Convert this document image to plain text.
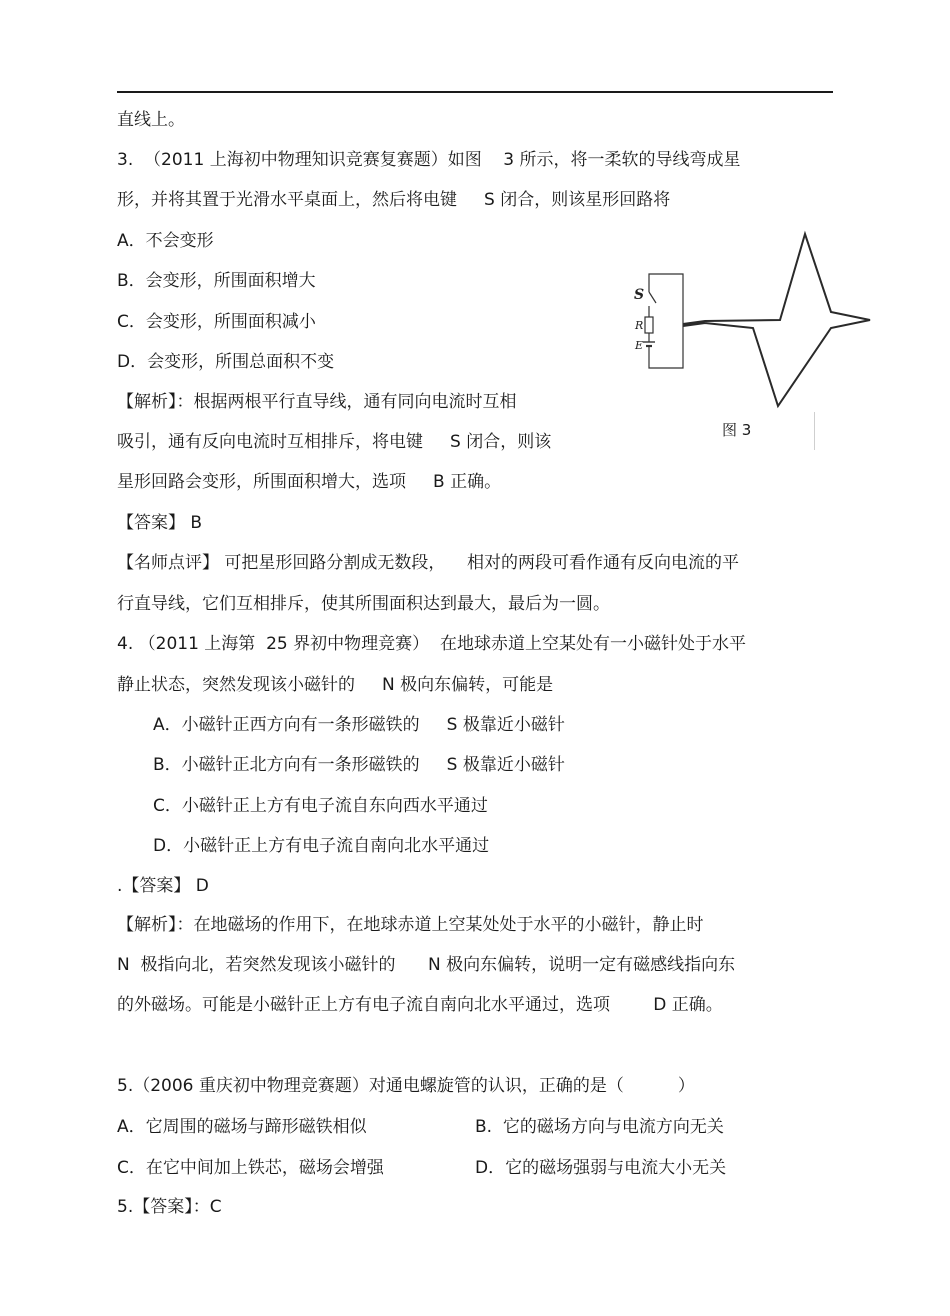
直线上。

3.  （2011 上海初中物理知识竞赛复赛题）如图    3 所示，将一柔软的导线弯成星

形，并将其置于光滑水平桌面上，然后将电键     S 闭合，则该星形回路将

A．不会变形

B．会变形，所围面积增大

C．会变形，所围面积减小

D．会变形，所围总面积不变

【解析】：根据两根平行直导线，通有同向电流时互相

吸引，通有反向电流时互相排斥，将电键     S 闭合，则该

星形回路会变形，所围面积增大，选项     B 正确。

【答案】 B

【名师点评】 可把星形回路分割成无数段，    相对的两段可看作通有反向电流的平

行直导线，它们互相排斥，使其所围面积达到最大，最后为一圆。

4. （2011 上海第  25 界初中物理竞赛）  在地球赤道上空某处有一小磁针处于水平

静止状态，突然发现该小磁针的     N 极向东偏转，可能是

A．小磁针正西方向有一条形磁铁的     S 极靠近小磁针

B．小磁针正北方向有一条形磁铁的     S 极靠近小磁针

C．小磁针正上方有电子流自东向西水平通过

D．小磁针正上方有电子流自南向北水平通过

.【答案】 D

【解析】：在地磁场的作用下，在地球赤道上空某处处于水平的小磁针，静止时

N  极指向北，若突然发现该小磁针的      N 极向东偏转，说明一定有磁感线指向东

的外磁场。可能是小磁针正上方有电子流自南向北水平通过，选项        D 正确。

5.（2006 重庆初中物理竞赛题）对通电螺旋管的认识，正确的是（          ）

A．它周围的磁场与蹄形磁铁相似	B.  它的磁场方向与电流方向无关

C．在它中间加上铁芯，磁场会增强	D．它的磁场强弱与电流大小无关

5.【答案】：C

S
R
E
图 3
